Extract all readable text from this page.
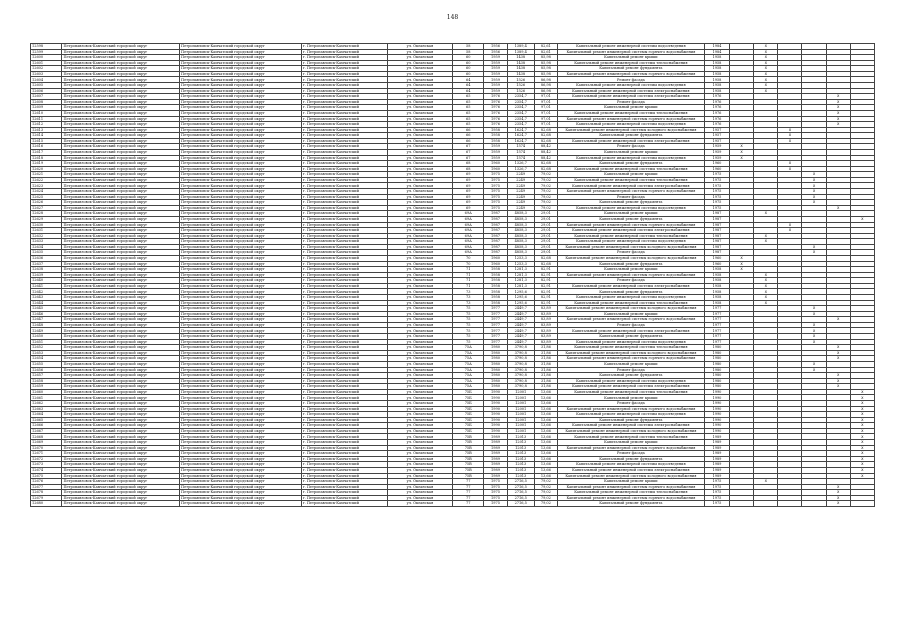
148
12598	Петропавловск-Камчатский городской округ	Петропавловск-Камчатский городской округ	г. Петропавловск-Камчатский	ул. Океанская	58	1956	1389,4	82,61	Капитальный ремонт инженерной системы водоотведения	1984		X				
12599	Петропавловск-Камчатский городской округ	Петропавловск-Камчатский городской округ	г. Петропавловск-Камчатский	ул. Океанская	58	1956	1389,4	82,61	Капитальный ремонт инженерной системы горячего водоснабжения	1984		X				
12600	Петропавловск-Камчатский городской округ	Петропавловск-Камчатский городской округ	г. Петропавловск-Камчатский	ул. Океанская	60	1959	1438	85,98	Капитальный ремонт крыши	1958		X				
12601	Петропавловск-Камчатский городской округ	Петропавловск-Камчатский городской округ	г. Петропавловск-Камчатский	ул. Океанская	60	1959	1438	85,98	Капитальный ремонт инженерной системы теплоснабжения	1958		X				
12602	Петропавловск-Камчатский городской округ	Петропавловск-Камчатский городской округ	г. Петропавловск-Камчатский	ул. Океанская	60	1959	1438	85,98	Капитальный ремонт фундамента	1958		X				
12603	Петропавловск-Камчатский городской округ	Петропавловск-Камчатский городской округ	г. Петропавловск-Камчатский	ул. Океанская	60	1959	1438	85,98	Капитальный ремонт инженерной системы горячего водоснабжения	1958		X				
12604	Петропавловск-Камчатский городской округ	Петропавловск-Камчатский городской округ	г. Петропавловск-Камчатский	ул. Океанская	64	1959	1526	86,98	Ремонт фасада	1958		X				
12605	Петропавловск-Камчатский городской округ	Петропавловск-Камчатский городской округ	г. Петропавловск-Камчатский	ул. Океанская	64	1959	1526	86,98	Капитальный ремонт инженерной системы водоотведения	1958		X				
12606	Петропавловск-Камчатский городской округ	Петропавловск-Камчатский городской округ	г. Петропавловск-Камчатский	ул. Океанская	64	1959	1526	86,98	Капитальный ремонт инженерной системы электроснабжения	1958		X				
12607	Петропавловск-Камчатский городской округ	Петропавловск-Камчатский городской округ	г. Петропавловск-Камчатский	ул. Океанская	65	1976	2354,7	97,01	Капитальный ремонт инженерной системы электроснабжения	1976					X	
12608	Петропавловск-Камчатский городской округ	Петропавловск-Камчатский городской округ	г. Петропавловск-Камчатский	ул. Океанская	65	1976	2354,7	97,01	Ремонт фасада	1976					X	
12609	Петропавловск-Камчатский городской округ	Петропавловск-Камчатский городской округ	г. Петропавловск-Камчатский	ул. Океанская	65	1976	2354,7	97,01	Капитальный ремонт крыши	1976					X	
12610	Петропавловск-Камчатский городской округ	Петропавловск-Камчатский городской округ	г. Петропавловск-Камчатский	ул. Океанская	65	1976	2354,7	97,01	Капитальный ремонт инженерной системы теплоснабжения	1976					X	
12611	Петропавловск-Камчатский городской округ	Петропавловск-Камчатский городской округ	г. Петропавловск-Камчатский	ул. Океанская	65	1976	2354,7	97,01	Капитальный ремонт инженерной системы горячего водоснабжения	1976					X	
12612	Петропавловск-Камчатский городской округ	Петропавловск-Камчатский городской округ	г. Петропавловск-Камчатский	ул. Океанская	65	1976	2354,7	97,01	Капитальный ремонт инженерной системы водоотведения	1976					X	
12613	Петропавловск-Камчатский городской округ	Петропавловск-Камчатский городской округ	г. Петропавловск-Камчатский	ул. Океанская	66	1958	1624,7	82,68	Капитальный ремонт инженерной системы холодного водоснабжения	1957			X			
12614	Петропавловск-Камчатский городской округ	Петропавловск-Камчатский городской округ	г. Петропавловск-Камчатский	ул. Океанская	66	1958	1624,7	82,68	Капитальный ремонт фундамента	1957			X			
12615	Петропавловск-Камчатский городской округ	Петропавловск-Камчатский городской округ	г. Петропавловск-Камчатский	ул. Океанская	66	1958	1624,7	82,68	Капитальный ремонт инженерной системы электроснабжения	1957			X			
12616	Петропавловск-Камчатский городской округ	Петропавловск-Камчатский городской округ	г. Петропавловск-Камчатский	ул. Океанская	67	1959	1574	88,42	Ремонт фасада	1959	X					
12617	Петропавловск-Камчатский городской округ	Петропавловск-Камчатский городской округ	г. Петропавловск-Камчатский	ул. Океанская	67	1959	1574	88,42	Капитальный ремонт крыши	1959	X					
12618	Петропавловск-Камчатский городской округ	Петропавловск-Камчатский городской округ	г. Петропавловск-Камчатский	ул. Океанская	67	1959	1574	88,42	Капитальный ремонт инженерной системы водоотведения	1959	X					
12619	Петропавловск-Камчатский городской округ	Петропавловск-Камчатский городской округ	г. Петропавловск-Камчатский	ул. Океанская	68	1960	1326,7	82,68	Капитальный ремонт фундамента	1960			X			
12620	Петропавловск-Камчатский городской округ	Петропавловск-Камчатский городской округ	г. Петропавловск-Камчатский	ул. Океанская	68	1960	1326,7	82,68	Капитальный ремонт инженерной системы теплоснабжения	1960			X			
12621	Петропавловск-Камчатский городской округ	Петропавловск-Камчатский городской округ	г. Петропавловск-Камчатский	ул. Океанская	69	1975	2249	79,02	Капитальный ремонт крыши	1975				X		
12622	Петропавловск-Камчатский городской округ	Петропавловск-Камчатский городской округ	г. Петропавловск-Камчатский	ул. Океанская	69	1975	2249	79,02	Капитальный ремонт инженерной системы теплоснабжения	1975				X		
12623	Петропавловск-Камчатский городской округ	Петропавловск-Камчатский городской округ	г. Петропавловск-Камчатский	ул. Океанская	69	1975	2249	79,02	Капитальный ремонт инженерной системы электроснабжения	1975				X		
12624	Петропавловск-Камчатский городской округ	Петропавловск-Камчатский городской округ	г. Петропавловск-Камчатский	ул. Океанская	69	1975	2249	79,02	Капитальный ремонт инженерной системы горячего водоснабжения	1975				X		
12625	Петропавловск-Камчатский городской округ	Петропавловск-Камчатский городской округ	г. Петропавловск-Камчатский	ул. Океанская	69	1975	2249	79,02	Ремонт фасада	1975				X		
12626	Петропавловск-Камчатский городской округ	Петропавловск-Камчатский городской округ	г. Петропавловск-Камчатский	ул. Океанская	69	1975	2249	79,02	Капитальный ремонт фундамента	1975				X		
12627	Петропавловск-Камчатский городской округ	Петропавловск-Камчатский городской округ	г. Петропавловск-Камчатский	ул. Океанская	69	1975	2249	79,02	Капитальный ремонт инженерной системы водоотведения	1975					X	
12628	Петропавловск-Камчатский городской округ	Петропавловск-Камчатский городской округ	г. Петропавловск-Камчатский	ул. Океанская	69А	1987	4858,3	29,01	Капитальный ремонт крыши	1987		X				
12629	Петропавловск-Камчатский городской округ	Петропавловск-Камчатский городской округ	г. Петропавловск-Камчатский	ул. Океанская	69А	1987	4858,3	29,01	Капитальный ремонт фундамента	1987						X
12630	Петропавловск-Камчатский городской округ	Петропавловск-Камчатский городской округ	г. Петропавловск-Камчатский	ул. Океанская	69А	1987	4858,3	29,01	Капитальный ремонт инженерной системы горячего водоснабжения	1987			X			
12631	Петропавловск-Камчатский городской округ	Петропавловск-Камчатский городской округ	г. Петропавловск-Камчатский	ул. Океанская	69А	1987	4858,3	29,01	Капитальный ремонт инженерной системы электроснабжения	1987			X			
12632	Петропавловск-Камчатский городской округ	Петропавловск-Камчатский городской округ	г. Петропавловск-Камчатский	ул. Океанская	69А	1987	4858,3	29,01	Капитальный ремонт инженерной системы теплоснабжения	1987		X				
12633	Петропавловск-Камчатский городской округ	Петропавловск-Камчатский городской округ	г. Петропавловск-Камчатский	ул. Океанская	69А	1987	4858,3	29,01	Капитальный ремонт инженерной системы водоотведения	1987		X				
12634	Петропавловск-Камчатский городской округ	Петропавловск-Камчатский городской округ	г. Петропавловск-Камчатский	ул. Океанская	69А	1987	4858,3	29,01	Капитальный ремонт инженерной системы холодного водоснабжения	1987				X		
12635	Петропавловск-Камчатский городской округ	Петропавловск-Камчатский городской округ	г. Петропавловск-Камчатский	ул. Океанская	69А	1987	4858,3	29,01	Ремонт фасада	1987				X		
12636	Петропавловск-Камчатский городской округ	Петропавловск-Камчатский городской округ	г. Петропавловск-Камчатский	ул. Океанская	70	1960	1253,3	82,68	Капитальный ремонт инженерной системы холодного водоснабжения	1960	X					
12637	Петропавловск-Камчатский городской округ	Петропавловск-Камчатский городской округ	г. Петропавловск-Камчатский	ул. Океанская	70	1960	1253,3	82,68	Капитальный ремонт фундамента	1960	X					
12638	Петропавловск-Камчатский городской округ	Петропавловск-Камчатский городской округ	г. Петропавловск-Камчатский	ул. Океанская	71	1958	1281,3	82,91	Капитальный ремонт крыши	1958	X					
12639	Петропавловск-Камчатский городской округ	Петропавловск-Камчатский городской округ	г. Петропавловск-Камчатский	ул. Океанская	71	1958	1281,3	82,91	Капитальный ремонт инженерной системы горячего водоснабжения	1958		X				
12640	Петропавловск-Камчатский городской округ	Петропавловск-Камчатский городской округ	г. Петропавловск-Камчатский	ул. Океанская	71	1958	1281,3	82,91	Ремонт фасада	1958		X				
12641	Петропавловск-Камчатский городской округ	Петропавловск-Камчатский городской округ	г. Петропавловск-Камчатский	ул. Океанская	71	1958	1281,3	82,91	Капитальный ремонт инженерной системы электроснабжения	1958		X				
12642	Петропавловск-Камчатский городской округ	Петропавловск-Камчатский городской округ	г. Петропавловск-Камчатский	ул. Океанская	73	1958	1295,6	82,91	Капитальный ремонт фундамента	1958		X				
12643	Петропавловск-Камчатский городской округ	Петропавловск-Камчатский городской округ	г. Петропавловск-Камчатский	ул. Океанская	73	1958	1295,6	82,91	Капитальный ремонт инженерной системы водоотведения	1958		X				
12644	Петропавловск-Камчатский городской округ	Петропавловск-Камчатский городской округ	г. Петропавловск-Камчатский	ул. Океанская	73	1958	1295,6	82,91	Капитальный ремонт инженерной системы теплоснабжения	1958		X				
12645	Петропавловск-Камчатский городской округ	Петропавловск-Камчатский городской округ	г. Петропавловск-Камчатский	ул. Океанская	75	1977	2449,7	83,89	Капитальный ремонт инженерной системы холодного водоснабжения	1977				X		
12646	Петропавловск-Камчатский городской округ	Петропавловск-Камчатский городской округ	г. Петропавловск-Камчатский	ул. Океанская	75	1977	2449,7	83,89	Капитальный ремонт крыши	1977				X		
12647	Петропавловск-Камчатский городской округ	Петропавловск-Камчатский городской округ	г. Петропавловск-Камчатский	ул. Океанская	75	1977	2449,7	83,89	Капитальный ремонт инженерной системы горячего водоснабжения	1977					X	
12648	Петропавловск-Камчатский городской округ	Петропавловск-Камчатский городской округ	г. Петропавловск-Камчатский	ул. Океанская	75	1977	2449,7	83,89	Ремонт фасада	1977				X		
12649	Петропавловск-Камчатский городской округ	Петропавловск-Камчатский городской округ	г. Петропавловск-Камчатский	ул. Океанская	75	1977	2449,7	83,89	Капитальный ремонт инженерной системы электроснабжения	1977				X		
12650	Петропавловск-Камчатский городской округ	Петропавловск-Камчатский городской округ	г. Петропавловск-Камчатский	ул. Океанская	75	1977	2449,7	83,89	Капитальный ремонт фундамента	1977				X		
12651	Петропавловск-Камчатский городской округ	Петропавловск-Камчатский городской округ	г. Петропавловск-Камчатский	ул. Океанская	75	1977	2449,7	83,89	Капитальный ремонт инженерной системы водоотведения	1977				X		
12652	Петропавловск-Камчатский городской округ	Петропавловск-Камчатский городской округ	г. Петропавловск-Камчатский	ул. Океанская	75А	1980	3790,8	31,86	Капитальный ремонт инженерной системы теплоснабжения	1980					X	
12653	Петропавловск-Камчатский городской округ	Петропавловск-Камчатский городской округ	г. Петропавловск-Камчатский	ул. Океанская	75А	1980	3790,8	31,86	Капитальный ремонт инженерной системы холодного водоснабжения	1980					X	
12654	Петропавловск-Камчатский городской округ	Петропавловск-Камчатский городской округ	г. Петропавловск-Камчатский	ул. Океанская	75А	1980	3790,8	31,86	Капитальный ремонт инженерной системы горячего водоснабжения	1980					X	
12655	Петропавловск-Камчатский городской округ	Петропавловск-Камчатский городской округ	г. Петропавловск-Камчатский	ул. Океанская	75А	1980	3790,8	31,86	Капитальный ремонт крыши	1980				X		
12656	Петропавловск-Камчатский городской округ	Петропавловск-Камчатский городской округ	г. Петропавловск-Камчатский	ул. Океанская	75А	1980	3790,8	31,86	Ремонт фасада	1980				X		
12657	Петропавловск-Камчатский городской округ	Петропавловск-Камчатский городской округ	г. Петропавловск-Камчатский	ул. Океанская	75А	1980	3790,8	31,86	Капитальный ремонт фундамента	1980					X	
12658	Петропавловск-Камчатский городской округ	Петропавловск-Камчатский городской округ	г. Петропавловск-Камчатский	ул. Океанская	75А	1980	3790,8	31,86	Капитальный ремонт инженерной системы водоотведения	1980					X	
12659	Петропавловск-Камчатский городской округ	Петропавловск-Камчатский городской округ	г. Петропавловск-Камчатский	ул. Океанская	75А	1980	3790,8	31,86	Капитальный ремонт инженерной системы электроснабжения	1980					X	
12660	Петропавловск-Камчатский городской округ	Петропавловск-Камчатский городской округ	г. Петропавловск-Камчатский	ул. Океанская	75Б	1990	12001	13,66	Капитальный ремонт инженерной системы теплоснабжения	1990						X
12661	Петропавловск-Камчатский городской округ	Петропавловск-Камчатский городской округ	г. Петропавловск-Камчатский	ул. Океанская	75Б	1990	12001	13,66	Капитальный ремонт крыши	1990						X
12662	Петропавловск-Камчатский городской округ	Петропавловск-Камчатский городской округ	г. Петропавловск-Камчатский	ул. Океанская	75Б	1990	12001	13,66	Ремонт фасада	1990						X
12663	Петропавловск-Камчатский городской округ	Петропавловск-Камчатский городской округ	г. Петропавловск-Камчатский	ул. Океанская	75Б	1990	12001	13,66	Капитальный ремонт инженерной системы горячего водоснабжения	1990						X
12664	Петропавловск-Камчатский городской округ	Петропавловск-Камчатский городской округ	г. Петропавловск-Камчатский	ул. Океанская	75Б	1990	12001	13,66	Капитальный ремонт инженерной системы водоотведения	1990						X
12665	Петропавловск-Камчатский городской округ	Петропавловск-Камчатский городской округ	г. Петропавловск-Камчатский	ул. Океанская	75Б	1990	12001	13,66	Капитальный ремонт фундамента	1990						X
12666	Петропавловск-Камчатский городской округ	Петропавловск-Камчатский городской округ	г. Петропавловск-Камчатский	ул. Океанская	75Б	1990	12001	13,66	Капитальный ремонт инженерной системы электроснабжения	1990						X
12667	Петропавловск-Камчатский городской округ	Петропавловск-Камчатский городской округ	г. Петропавловск-Камчатский	ул. Океанская	75Б	1990	12001	13,66	Капитальный ремонт инженерной системы холодного водоснабжения	1990						X
12668	Петропавловск-Камчатский городской округ	Петропавловск-Камчатский городской округ	г. Петропавловск-Камчатский	ул. Океанская	75В	1989	12013	13,66	Капитальный ремонт инженерной системы теплоснабжения	1989						X
12669	Петропавловск-Камчатский городской округ	Петропавловск-Камчатский городской округ	г. Петропавловск-Камчатский	ул. Океанская	75В	1989	12013	13,66	Капитальный ремонт крыши	1989						X
12670	Петропавловск-Камчатский городской округ	Петропавловск-Камчатский городской округ	г. Петропавловск-Камчатский	ул. Океанская	75В	1989	12013	13,66	Капитальный ремонт инженерной системы горячего водоснабжения	1989						X
12671	Петропавловск-Камчатский городской округ	Петропавловск-Камчатский городской округ	г. Петропавловск-Камчатский	ул. Океанская	75В	1989	12013	13,66	Ремонт фасада	1989						X
12672	Петропавловск-Камчатский городской округ	Петропавловск-Камчатский городской округ	г. Петропавловск-Камчатский	ул. Океанская	75В	1989	12013	13,66	Капитальный ремонт фундамента	1989						X
12673	Петропавловск-Камчатский городской округ	Петропавловск-Камчатский городской округ	г. Петропавловск-Камчатский	ул. Океанская	75В	1989	12013	13,66	Капитальный ремонт инженерной системы водоотведения	1989						X
12674	Петропавловск-Камчатский городской округ	Петропавловск-Камчатский городской округ	г. Петропавловск-Камчатский	ул. Океанская	75В	1989	12013	13,66	Капитальный ремонт инженерной системы электроснабжения	1989						X
12675	Петропавловск-Камчатский городской округ	Петропавловск-Камчатский городской округ	г. Петропавловск-Камчатский	ул. Океанская	75В	1989	12013	13,66	Капитальный ремонт инженерной системы холодного водоснабжения	1989						X
12676	Петропавловск-Камчатский городской округ	Петропавловск-Камчатский городской округ	г. Петропавловск-Камчатский	ул. Океанская	77	1975	2716,5	79,02	Капитальный ремонт крыши	1975		X				
12677	Петропавловск-Камчатский городской округ	Петропавловск-Камчатский городской округ	г. Петропавловск-Камчатский	ул. Океанская	77	1975	2716,5	79,02	Капитальный ремонт инженерной системы горячего водоснабжения	1975					X	
12678	Петропавловск-Камчатский городской округ	Петропавловск-Камчатский городской округ	г. Петропавловск-Камчатский	ул. Океанская	77	1975	2716,5	79,02	Капитальный ремонт инженерной системы теплоснабжения	1975					X	
12679	Петропавловск-Камчатский городской округ	Петропавловск-Камчатский городской округ	г. Петропавловск-Камчатский	ул. Океанская	77	1975	2716,5	79,02	Капитальный ремонт инженерной системы горячего водоснабжения	1975					X	
12680	Петропавловск-Камчатский городской округ	Петропавловск-Камчатский городской округ	г. Петропавловск-Камчатский	ул. Океанская	77	1975	2716,5	79,02	Капитальный ремонт фундамента	1975					X	
